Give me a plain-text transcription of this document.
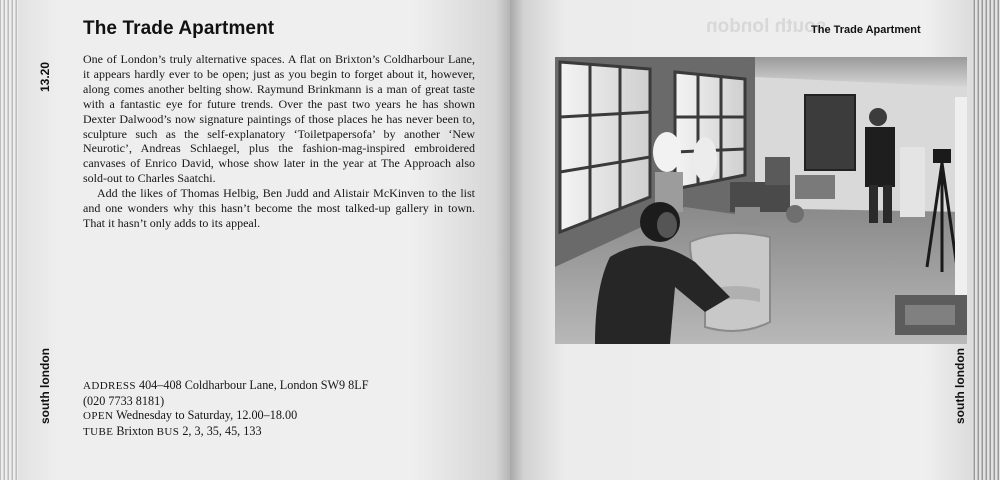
13.20
south london
The Trade Apartment

One of London’s truly alternative spaces. A flat on Brixton’s Coldharbour Lane, it appears hardly ever to be open; just as you begin to forget about it, however, along comes another belting show. Raymund Brinkmann is a man of great taste with a fantastic eye for future trends. Over the past two years he has shown Dexter Dalwood’s now signature paintings of those places he has never been to, sculpture such as the self-explanatory ‘Toiletpapersofa’ by another ‘New Neurotic’, Andreas Schlaegel, plus the fashion-mag-inspired embroidered canvases of Enrico David, whose show later in the year at The Approach also sold-out to Charles Saatchi.

Add the likes of Thomas Helbig, Ben Judd and Alistair McKinven to the list and one wonders why this hasn’t become the most talked-up gallery in town. That it hasn’t only adds to its appeal.

ADDRESS 404–408 Coldharbour Lane, London SW9 8LF
(020 7733 8181)
OPEN Wednesday to Saturday, 12.00–18.00
TUBE Brixton BUS 2, 3, 35, 45, 133
south london
The Trade Apartment
south london
